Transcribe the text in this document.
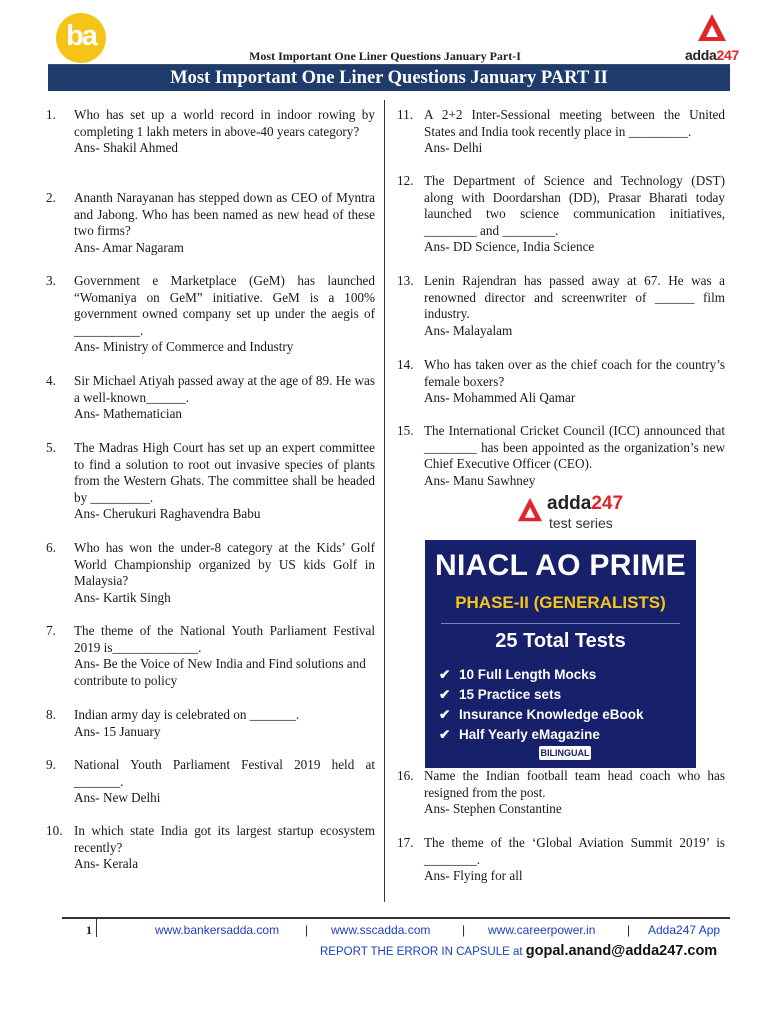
ba
adda247
Most Important One Liner Questions January Part-I
Most Important One Liner Questions January PART II
1. Who has set up a world record in indoor rowing by completing 1 lakh meters in above-40 years category?
Ans- Shakil Ahmed
2. Ananth Narayanan has stepped down as CEO of Myntra and Jabong. Who has been named as new head of these two firms?
Ans- Amar Nagaram
3. Government e Marketplace (GeM) has launched “Womaniya on GeM” initiative. GeM is a 100% government owned company set up under the aegis of __________.
Ans- Ministry of Commerce and Industry
4. Sir Michael Atiyah passed away at the age of 89. He was a well-known______.
Ans- Mathematician
5. The Madras High Court has set up an expert committee to find a solution to root out invasive species of plants from the Western Ghats. The committee shall be headed by _________.
Ans- Cherukuri Raghavendra Babu
6. Who has won the under-8 category at the Kids’ Golf World Championship organized by US kids Golf in Malaysia?
Ans- Kartik Singh
7. The theme of the National Youth Parliament Festival 2019 is_____________.
Ans- Be the Voice of New India and Find solutions and contribute to policy
8. Indian army day is celebrated on _______.
Ans- 15 January
9. National Youth Parliament Festival 2019 held at _______.
Ans- New Delhi
10. In which state India got its largest startup ecosystem recently?
Ans- Kerala
11. A 2+2 Inter-Sessional meeting between the United States and India took recently place in _________.
Ans- Delhi
12. The Department of Science and Technology (DST) along with Doordarshan (DD), Prasar Bharati today launched two science communication initiatives, ________ and ________.
Ans- DD Science, India Science
13. Lenin Rajendran has passed away at 67. He was a renowned director and screenwriter of ______ film industry.
Ans- Malayalam
14. Who has taken over as the chief coach for the country’s female boxers?
Ans- Mohammed Ali Qamar
15. The International Cricket Council (ICC) announced that ________ has been appointed as the organization’s new Chief Executive Officer (CEO).
Ans- Manu Sawhney
adda247
test series
NIACL AO PRIME
PHASE-II (GENERALISTS)
25 Total Tests
✔ 10 Full Length Mocks
✔ 15 Practice sets
✔ Insurance Knowledge eBook
✔ Half Yearly eMagazine
BILINGUAL
16. Name the Indian football team head coach who has resigned from the post.
Ans- Stephen Constantine
17. The theme of the ‘Global Aviation Summit 2019’ is ________.
Ans- Flying for all
1	www.bankersadda.com | www.sscadda.com	| www.careerpower.in	| Adda247 App
REPORT THE ERROR IN CAPSULE at gopal.anand@adda247.com
